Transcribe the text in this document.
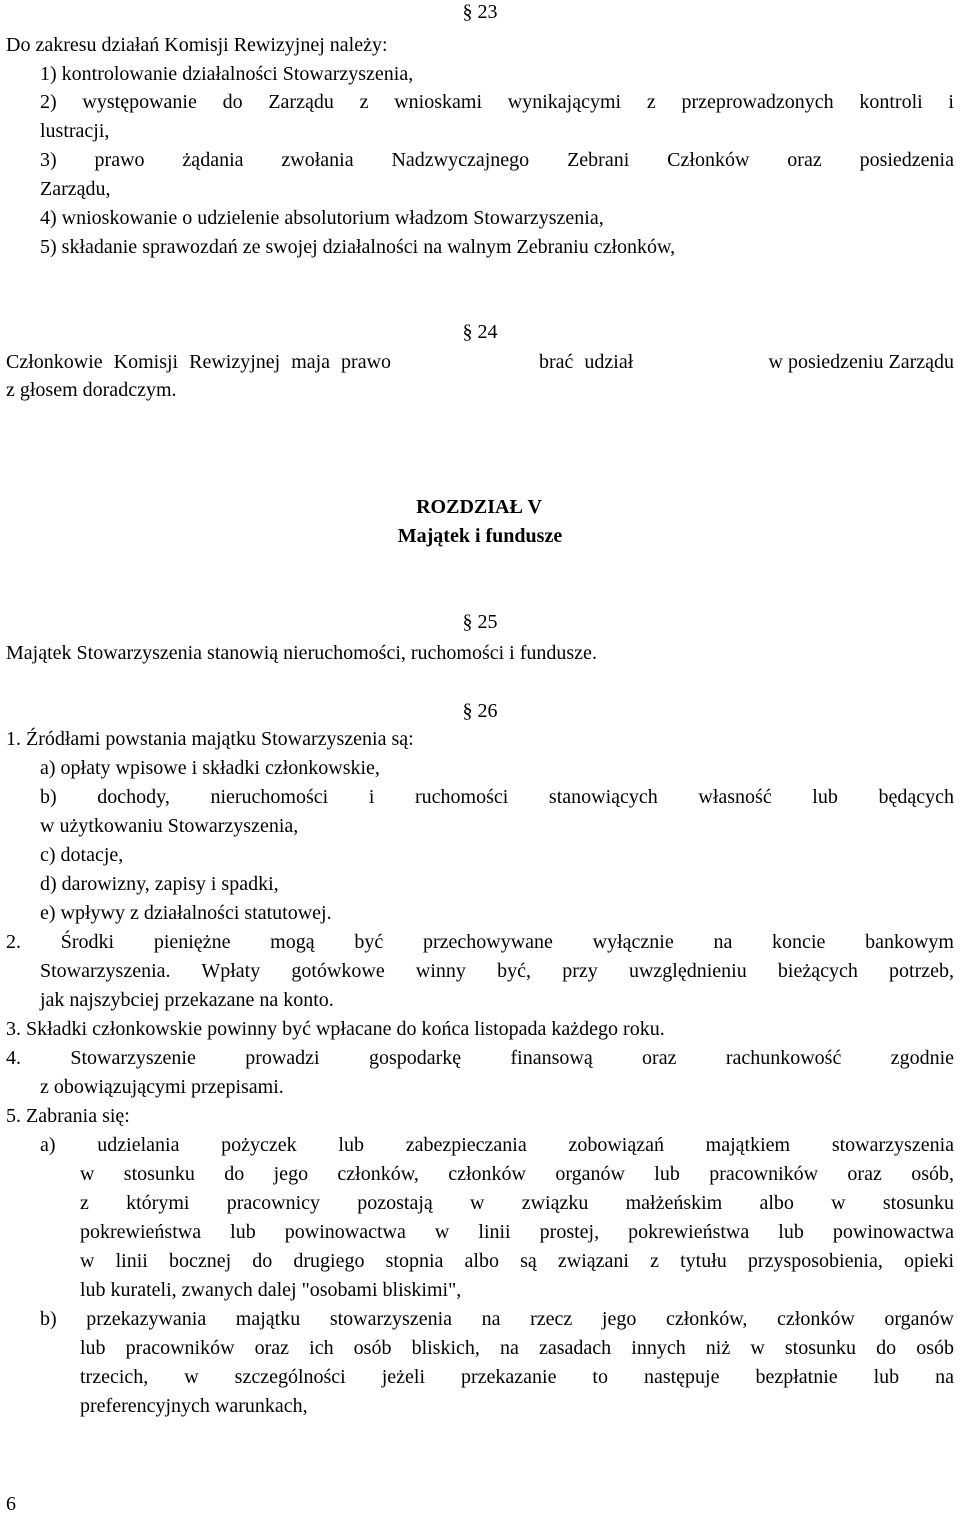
§ 23
Do zakresu działań Komisji Rewizyjnej należy:
1) kontrolowanie działalności Stowarzyszenia,
2) występowanie do Zarządu z wnioskami wynikającymi z przeprowadzonych kontroli i
lustracji,
3) prawo żądania zwołania Nadzwyczajnego Zebrani Członków oraz posiedzenia
Zarządu,
4) wnioskowanie o udzielenie absolutorium władzom Stowarzyszenia,
5) składanie sprawozdań ze swojej działalności na walnym Zebraniu członków,
§ 24
Członkowie Komisji Rewizyjnej maja prawo	brać udział	w posiedzeniu Zarządu
z głosem doradczym.
ROZDZIAŁ V
Majątek i fundusze
§ 25
Majątek Stowarzyszenia stanowią nieruchomości, ruchomości i fundusze.
§ 26
1. Źródłami powstania majątku Stowarzyszenia są:
a) opłaty wpisowe i składki członkowskie,
b) dochody, nieruchomości i ruchomości stanowiących własność lub będących
w użytkowaniu Stowarzyszenia,
c) dotacje,
d) darowizny, zapisy i spadki,
e) wpływy z działalności statutowej.
2. Środki pieniężne mogą być przechowywane wyłącznie na koncie bankowym
Stowarzyszenia. Wpłaty gotówkowe winny być, przy uwzględnieniu bieżących potrzeb,
jak najszybciej przekazane na konto.
3. Składki członkowskie powinny być wpłacane do końca listopada każdego roku.
4. Stowarzyszenie prowadzi gospodarkę finansową oraz rachunkowość zgodnie
z obowiązującymi przepisami.
5. Zabrania się:
a) udzielania pożyczek lub zabezpieczania zobowiązań majątkiem stowarzyszenia
w stosunku do jego członków, członków organów lub pracowników oraz osób,
z którymi pracownicy pozostają w związku małżeńskim albo w stosunku
pokrewieństwa lub powinowactwa w linii prostej, pokrewieństwa lub powinowactwa
w linii bocznej do drugiego stopnia albo są związani z tytułu przysposobienia, opieki
lub kurateli, zwanych dalej "osobami bliskimi",
b) przekazywania majątku stowarzyszenia na rzecz jego członków, członków organów
lub pracowników oraz ich osób bliskich, na zasadach innych niż w stosunku do osób
trzecich, w szczególności jeżeli przekazanie to następuje bezpłatnie lub na
preferencyjnych warunkach,
6
